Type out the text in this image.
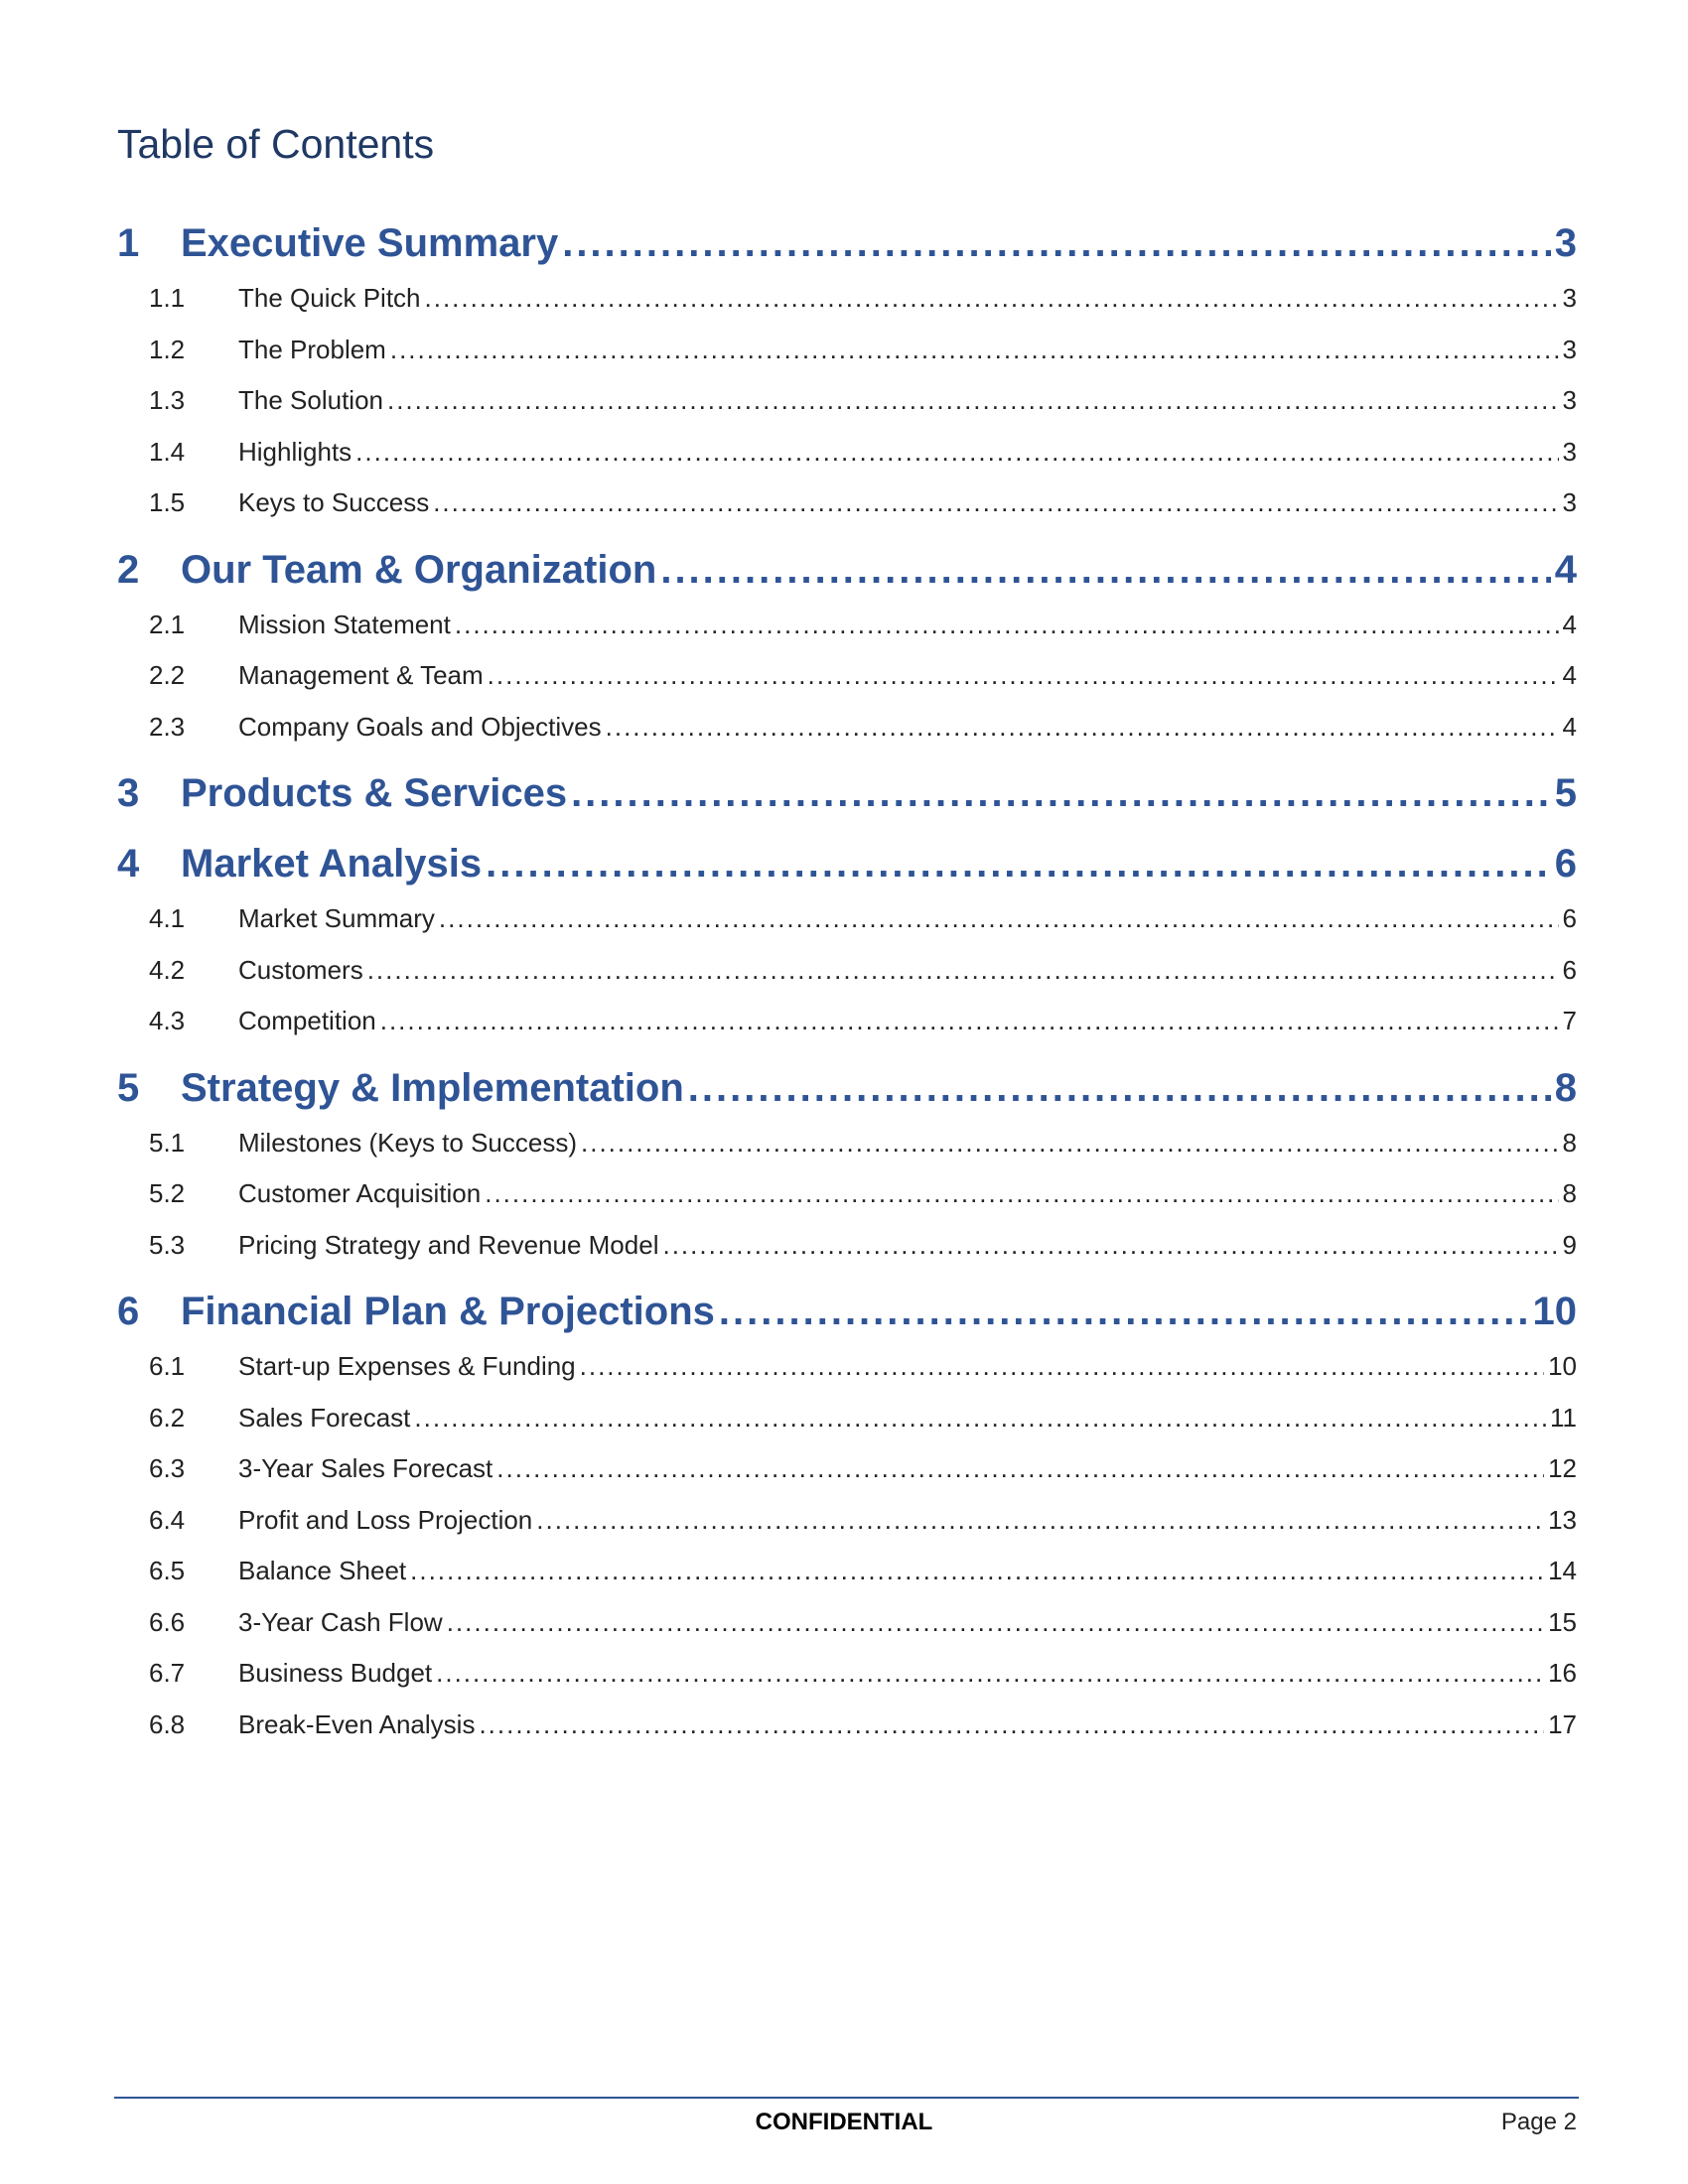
Table of Contents
1	Executive Summary .....	3
1.1	The Quick Pitch .....	3
1.2	The Problem .....	3
1.3	The Solution .....	3
1.4	Highlights .....	3
1.5	Keys to Success .....	3
2	Our Team & Organization .....	4
2.1	Mission Statement .....	4
2.2	Management & Team .....	4
2.3	Company Goals and Objectives .....	4
3	Products & Services .....	5
4	Market Analysis .....	6
4.1	Market Summary .....	6
4.2	Customers .....	6
4.3	Competition .....	7
5	Strategy & Implementation .....	8
5.1	Milestones (Keys to Success) .....	8
5.2	Customer Acquisition .....	8
5.3	Pricing Strategy and Revenue Model .....	9
6	Financial Plan & Projections .....	10
6.1	Start-up Expenses & Funding .....	10
6.2	Sales Forecast .....	11
6.3	3-Year Sales Forecast .....	12
6.4	Profit and Loss Projection .....	13
6.5	Balance Sheet .....	14
6.6	3-Year Cash Flow .....	15
6.7	Business Budget .....	16
6.8	Break-Even Analysis .....	17
CONFIDENTIAL	Page 2
